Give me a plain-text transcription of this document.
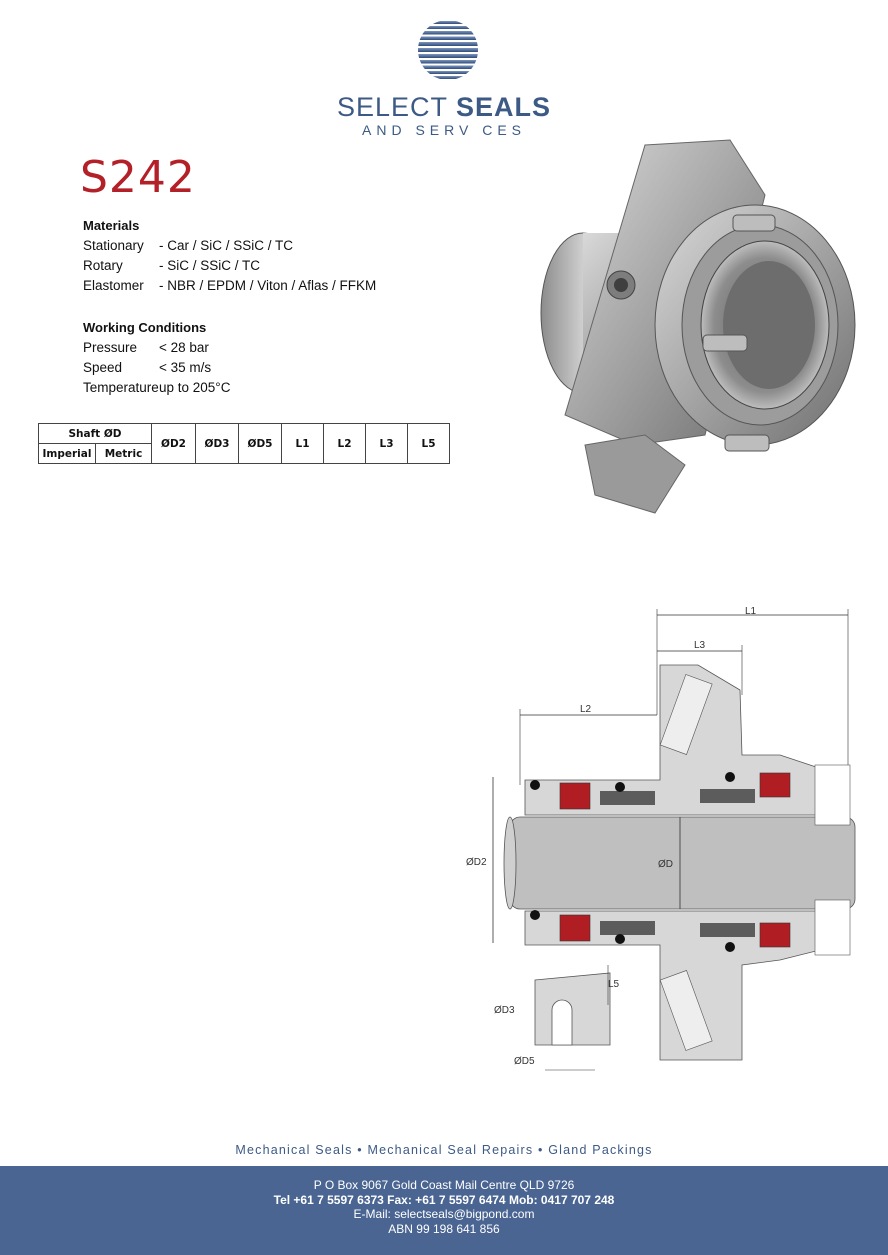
SELECT SEALS
AND SERV CES
S242
Materials
Stationary	- Car / SiC / SSiC / TC
Rotary	- SiC / SSiC / TC
Elastomer	- NBR / EPDM / Viton / Aflas / FFKM
Working Conditions
Pressure	< 28 bar
Speed	< 35 m/s
Temperature up to 205°C
Shaft ØD		ØD2	ØD3	ØD5	L1	L2	L3	L5
Imperial	Metric							
L1
L3
L2
ØD2	ØD
L5
ØD3
ØD5
Mechanical Seals • Mechanical Seal Repairs • Gland Packings
P O Box 9067 Gold Coast Mail Centre QLD 9726
Tel +61 7 5597 6373 Fax: +61 7 5597 6474 Mob: 0417 707 248
E-Mail: selectseals@bigpond.com
ABN 99 198 641 856
